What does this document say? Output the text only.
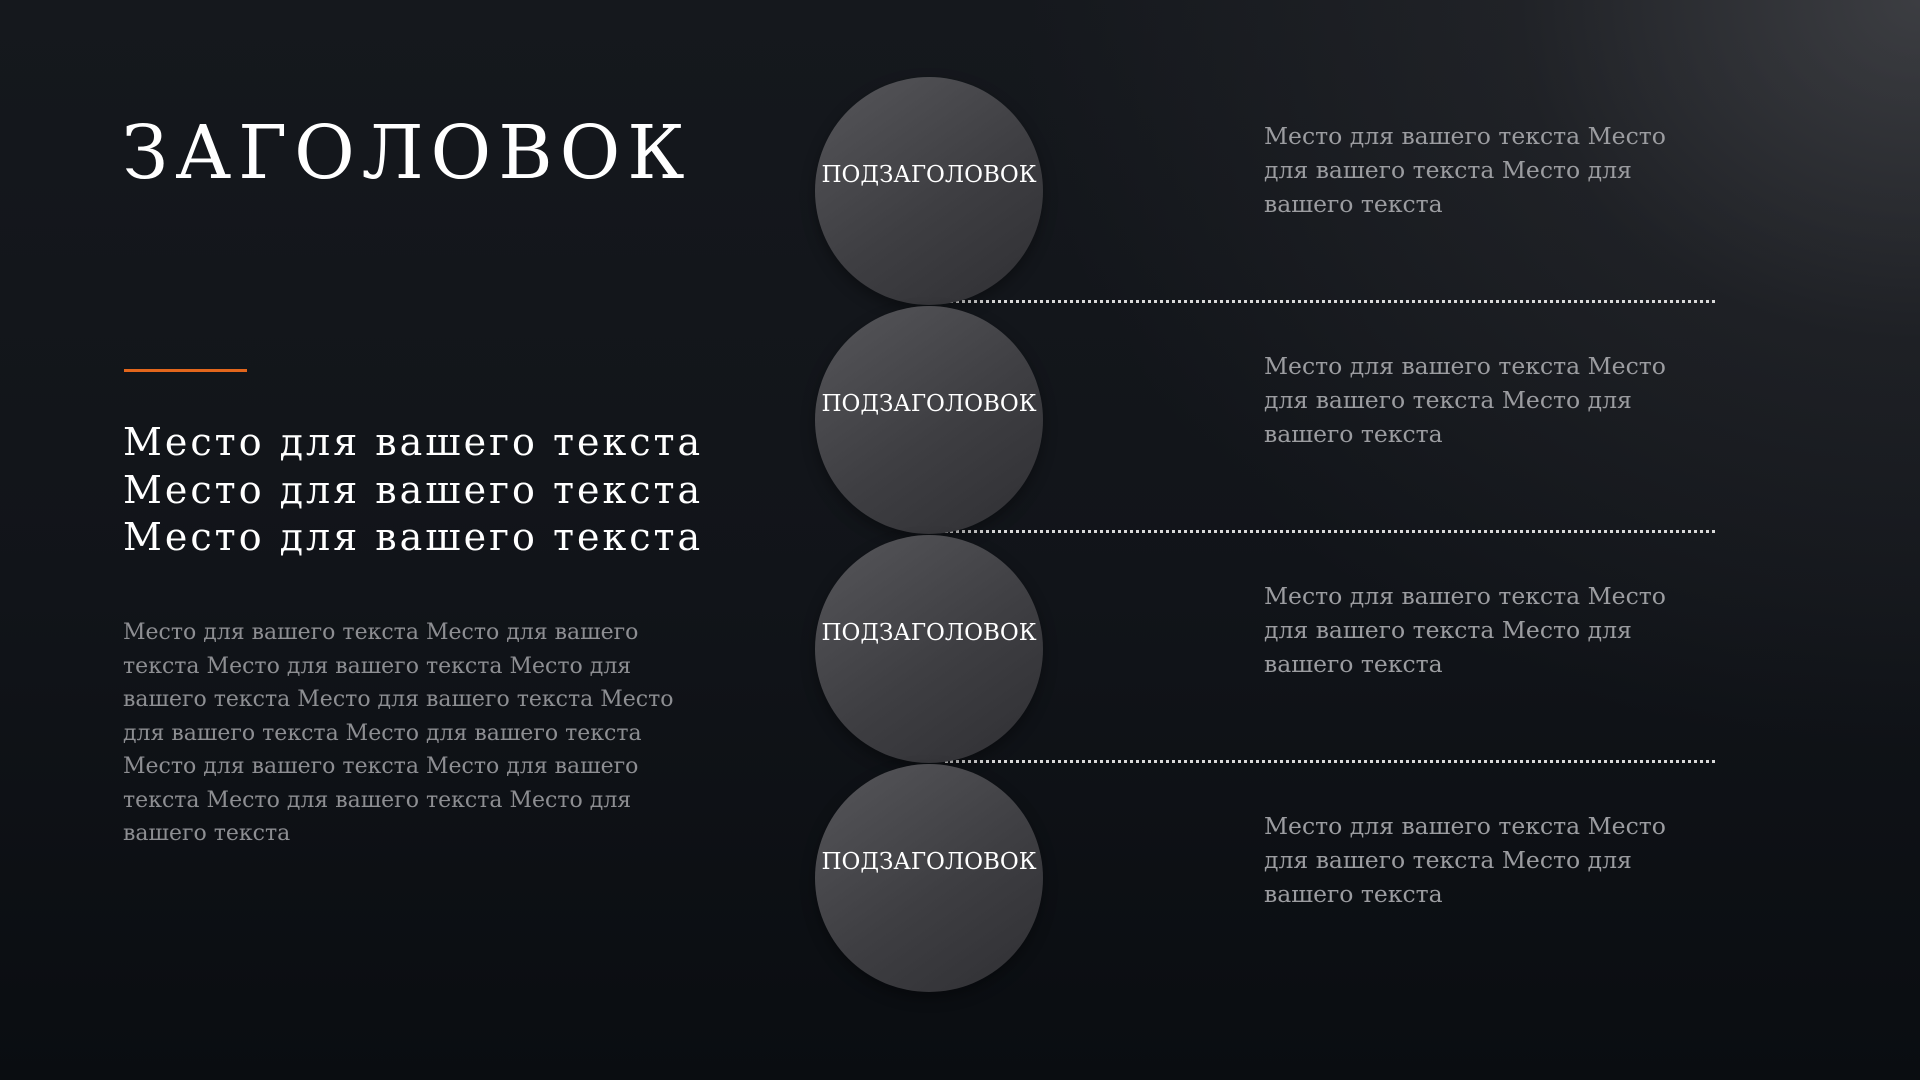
ЗАГОЛОВОК
Место для вашего текста
Место для вашего текста
Место для вашего текста

Место для вашего текста Место для вашего текста Место для вашего текста Место для вашего текста Место для вашего текста Место для вашего текста Место для вашего текста Место для вашего текста Место для вашего текста Место для вашего текста Место для вашего текста

ПОДЗАГОЛОВОК
ПОДЗАГОЛОВОК
ПОДЗАГОЛОВОК
ПОДЗАГОЛОВОК

Место для вашего текста Место для вашего текста Место для вашего текста

Место для вашего текста Место для вашего текста Место для вашего текста

Место для вашего текста Место для вашего текста Место для вашего текста

Место для вашего текста Место для вашего текста Место для вашего текста
